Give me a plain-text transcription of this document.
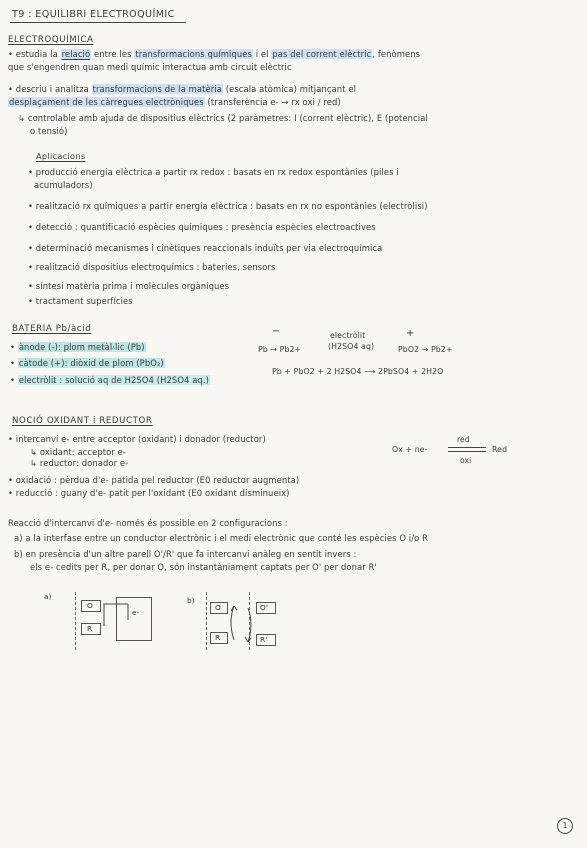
T9 : EQUILIBRI ELECTROQUÍMIC
ELECTROQUÍMICA
• estudia la relació entre les transformacions químiques i el pas del corrent elèctric, fenòmens
que s'engendren quan medi químic interactua amb circuit elèctric
• descriu i analitza transformacions de la matèria (escala atòmica) mitjançant el
desplaçament de les càrregues electròniques (transferència e- → rx oxi / red)
↳ controlable amb ajuda de dispositius elèctrics (2 paràmetres: I (corrent elèctric), E (potencial
o tensió)
Aplicacions
• producció energia elèctrica a partir rx redox : basats en rx redox espontànies (piles i
acumuladors)
• realització rx químiques a partir energia elèctrica : basats en rx no espontànies (electròlisi)
• detecció : quantificació espècies químiques : presència espècies electroactives
• determinació mecanismes i cinètiques reaccionals induïts per via electroquímica
• realització dispositius electroquímics : bateries, sensors
• síntesi matèria prima i molècules orgàniques
• tractament superfícies
BATERIA Pb/àcid
• ànode (-): plom metàl·lic (Pb)
• càtode (+): diòxid de plom (PbO₂)
• electròlit : solució aq de H2SO4 (H2SO4 aq.)
−	+
electròlit
(H2SO4 aq)
Pb → Pb2+	PbO2 → Pb2+
Pb + PbO2 + 2 H2SO4 ⟶ 2PbSO4 + 2H2O
NOCIÓ OXIDANT i REDUCTOR
• intercanvi e- entre acceptor (oxidant) i donador (reductor)
↳ oxidant: acceptor e-
↳ reductor: donador e-
Ox + ne-
red
oxi
Red
• oxidació : pèrdua d'e- patida pel reductor (E0 reductor augmenta)
• reducció : guany d'e- patit per l'oxidant (E0 oxidant disminueix)
Reacció d'intercanvi d'e- només és possible en 2 configuracions :
a) a la interfase entre un conductor electrònic i el medi electrònic que conté les espècies O i/o R
b) en presència d'un altre parell O'/R' que fa intercanvi anàleg en sentit invers :
els e- cedits per R, per donar O, són instantàniament captats per O' per donar R'
a)
O
R
e-
b)
O
R
O'
R'
1
